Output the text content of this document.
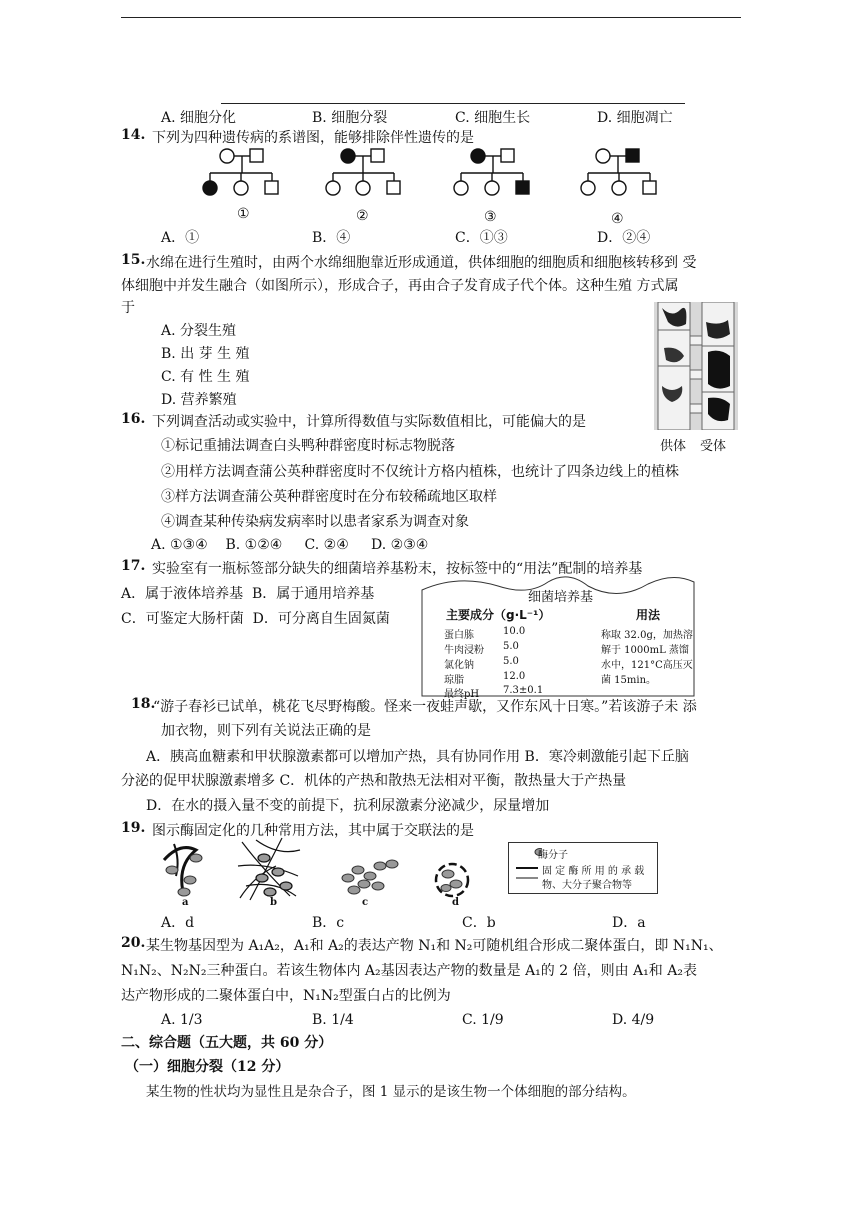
A. 细胞分化	B. 细胞分裂	C. 细胞生长	D. 细胞凋亡
14. 下列为四种遗传病的系谱图，能够排除伴性遗传的是
①	②	③	④
A．①	B．④	C．①③	D．②④
15. 水绵在进行生殖时，由两个水绵细胞靠近形成通道，供体细胞的细胞质和细胞核转移到 受
体细胞中并发生融合（如图所示），形成合子，再由合子发育成子代个体。这种生殖 方式属
于
A. 分裂生殖
B. 出 芽 生 殖
C. 有 性 生 殖
D. 营养繁殖
供体 受体
16. 下列调查活动或实验中，计算所得数值与实际数值相比，可能偏大的是
①标记重捕法调查白头鸭种群密度时标志物脱落
②用样方法调查蒲公英种群密度时不仅统计方格内植株，也统计了四条边线上的植株
③样方法调查蒲公英种群密度时在分布较稀疏地区取样
④调查某种传染病发病率时以患者家系为调查对象
A. ①③④    B. ①②④     C. ②④     D. ②③④
17. 实验室有一瓶标签部分缺失的细菌培养基粉末，按标签中的“用法”配制的培养基
A．属于液体培养基  B．属于通用培养基
C．可鉴定大肠杆菌  D．可分离自生固氮菌
细菌培养基
主要成分（g·L⁻¹）	用法
蛋白胨	10.0
牛肉浸粉 5.0
氯化钠	5.0
琼脂	12.0
最终pH 7.3±0.1
称取 32.0g，加热溶
解于 1000mL 蒸馏
水中，121°C高压灭
菌 15min。
18.
“游子春衫已试单，桃花飞尽野梅酸。怪来一夜蛙声歇，又作东风十日寒。”若该游子未 添
加衣物，则下列有关说法正确的是
A．胰高血糖素和甲状腺激素都可以增加产热，具有协同作用 B．寒冷刺激能引起下丘脑
分泌的促甲状腺激素增多 C．机体的产热和散热无法相对平衡，散热量大于产热量
D．在水的摄入量不变的前提下，抗利尿激素分泌减少，尿量增加
19. 图示酶固定化的几种常用方法，其中属于交联法的是
a	b	c	d
酶分子
固 定 酶 所 用 的 承 载
物、大分子聚合物等
A．d	B．c	C．b	D．a
20. 某生物基因型为 A₁A₂，A₁和 A₂的表达产物 N₁和 N₂可随机组合形成二聚体蛋白，即 N₁N₁、
N₁N₂、N₂N₂三种蛋白。若该生物体内 A₂基因表达产物的数量是 A₁的 2 倍，则由 A₁和 A₂表
达产物形成的二聚体蛋白中，N₁N₂型蛋白占的比例为
A. 1/3	B. 1/4	C. 1/9	D. 4/9
二、综合题（五大题，共 60 分）
（一）细胞分裂（12 分）
某生物的性状均为显性且是杂合子，图 1 显示的是该生物一个体细胞的部分结构。
